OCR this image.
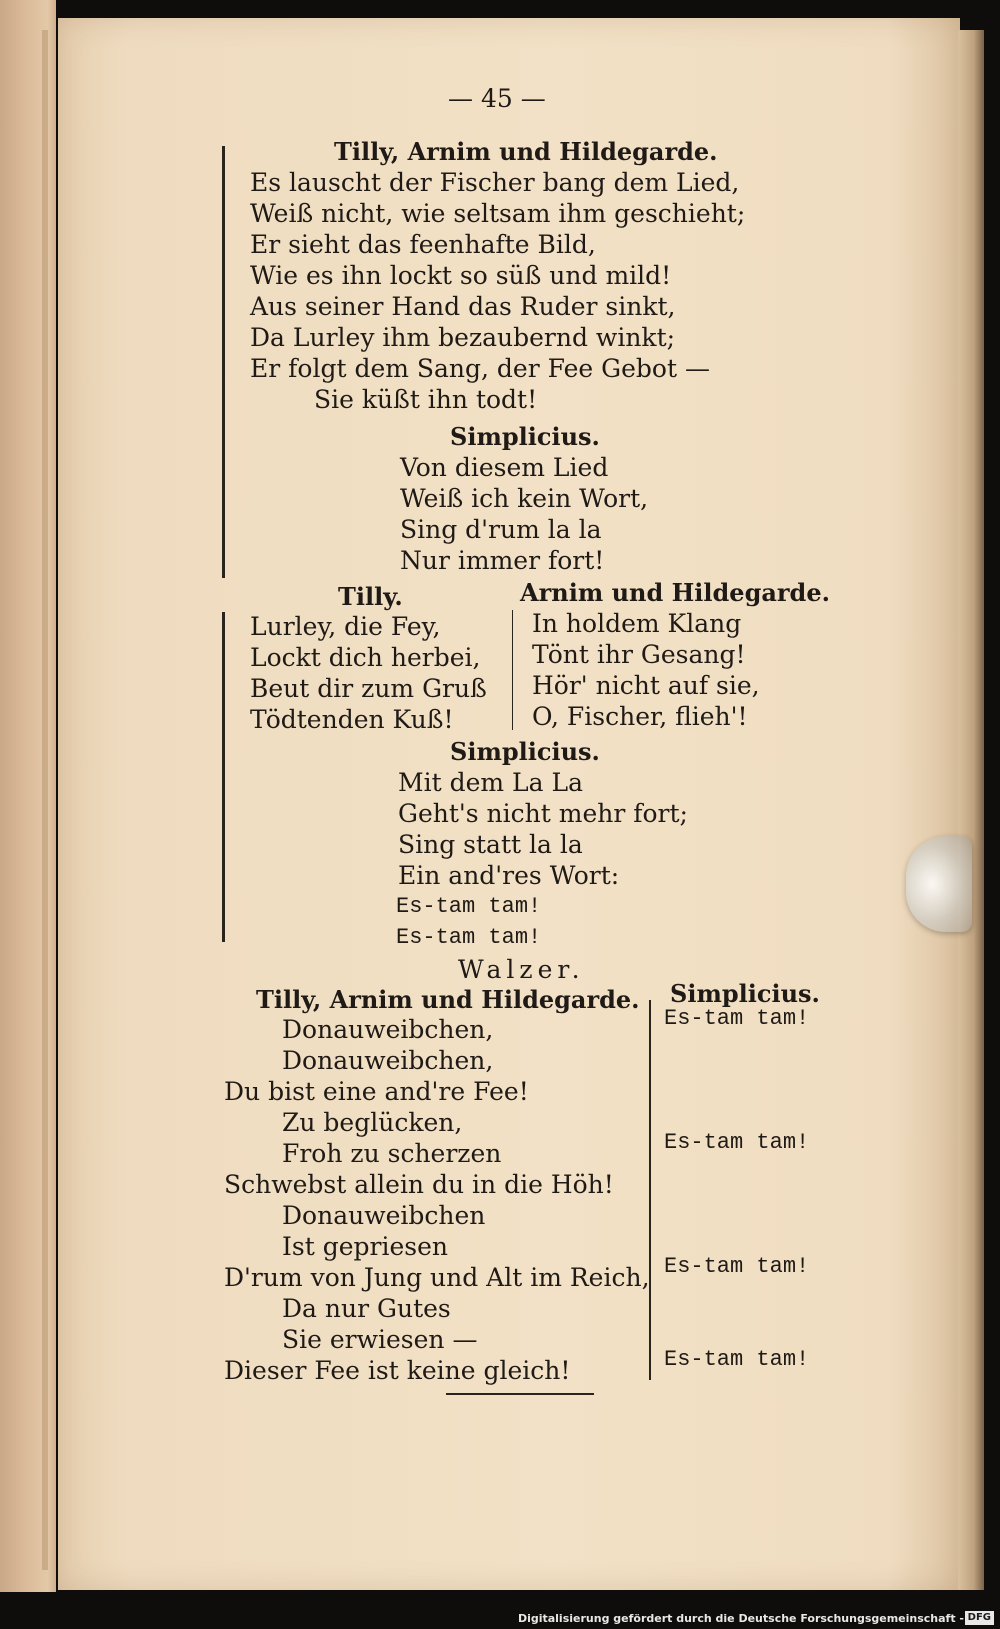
— 45 —
Tilly, Arnim und Hildegarde.
Es lauscht der Fischer bang dem Lied,
Weiß nicht, wie seltsam ihm geschieht;
Er sieht das feenhafte Bild,
Wie es ihn lockt so süß und mild!
Aus seiner Hand das Ruder sinkt,
Da Lurley ihm bezaubernd winkt;
Er folgt dem Sang, der Fee Gebot —
Sie küßt ihn todt!
Simplicius.
Von diesem Lied
Weiß ich kein Wort,
Sing d'rum la la
Nur immer fort!
Tilly.
Lurley, die Fey,
Lockt dich herbei,
Beut dir zum Gruß
Tödtenden Kuß!
Arnim und Hildegarde.
In holdem Klang
Tönt ihr Gesang!
Hör' nicht auf sie,
O, Fischer, flieh'!
Simplicius.
Mit dem La La
Geht's nicht mehr fort;
Sing statt la la
Ein and'res Wort:
Es-tam tam!
Es-tam tam!
Walzer.
Tilly, Arnim und Hildegarde. Simplicius.
Donauweibchen,
Donauweibchen,
Du bist eine and're Fee!
Zu beglücken,
Froh zu scherzen
Schwebst allein du in die Höh!
Donauweibchen
Ist gepriesen
D'rum von Jung und Alt im Reich,
Da nur Gutes
Sie erwiesen —
Dieser Fee ist keine gleich!
Es-tam tam!
Es-tam tam!
Es-tam tam!
Es-tam tam!
Digitalisierung gefördert durch die Deutsche Forschungsgemeinschaft - DFG
